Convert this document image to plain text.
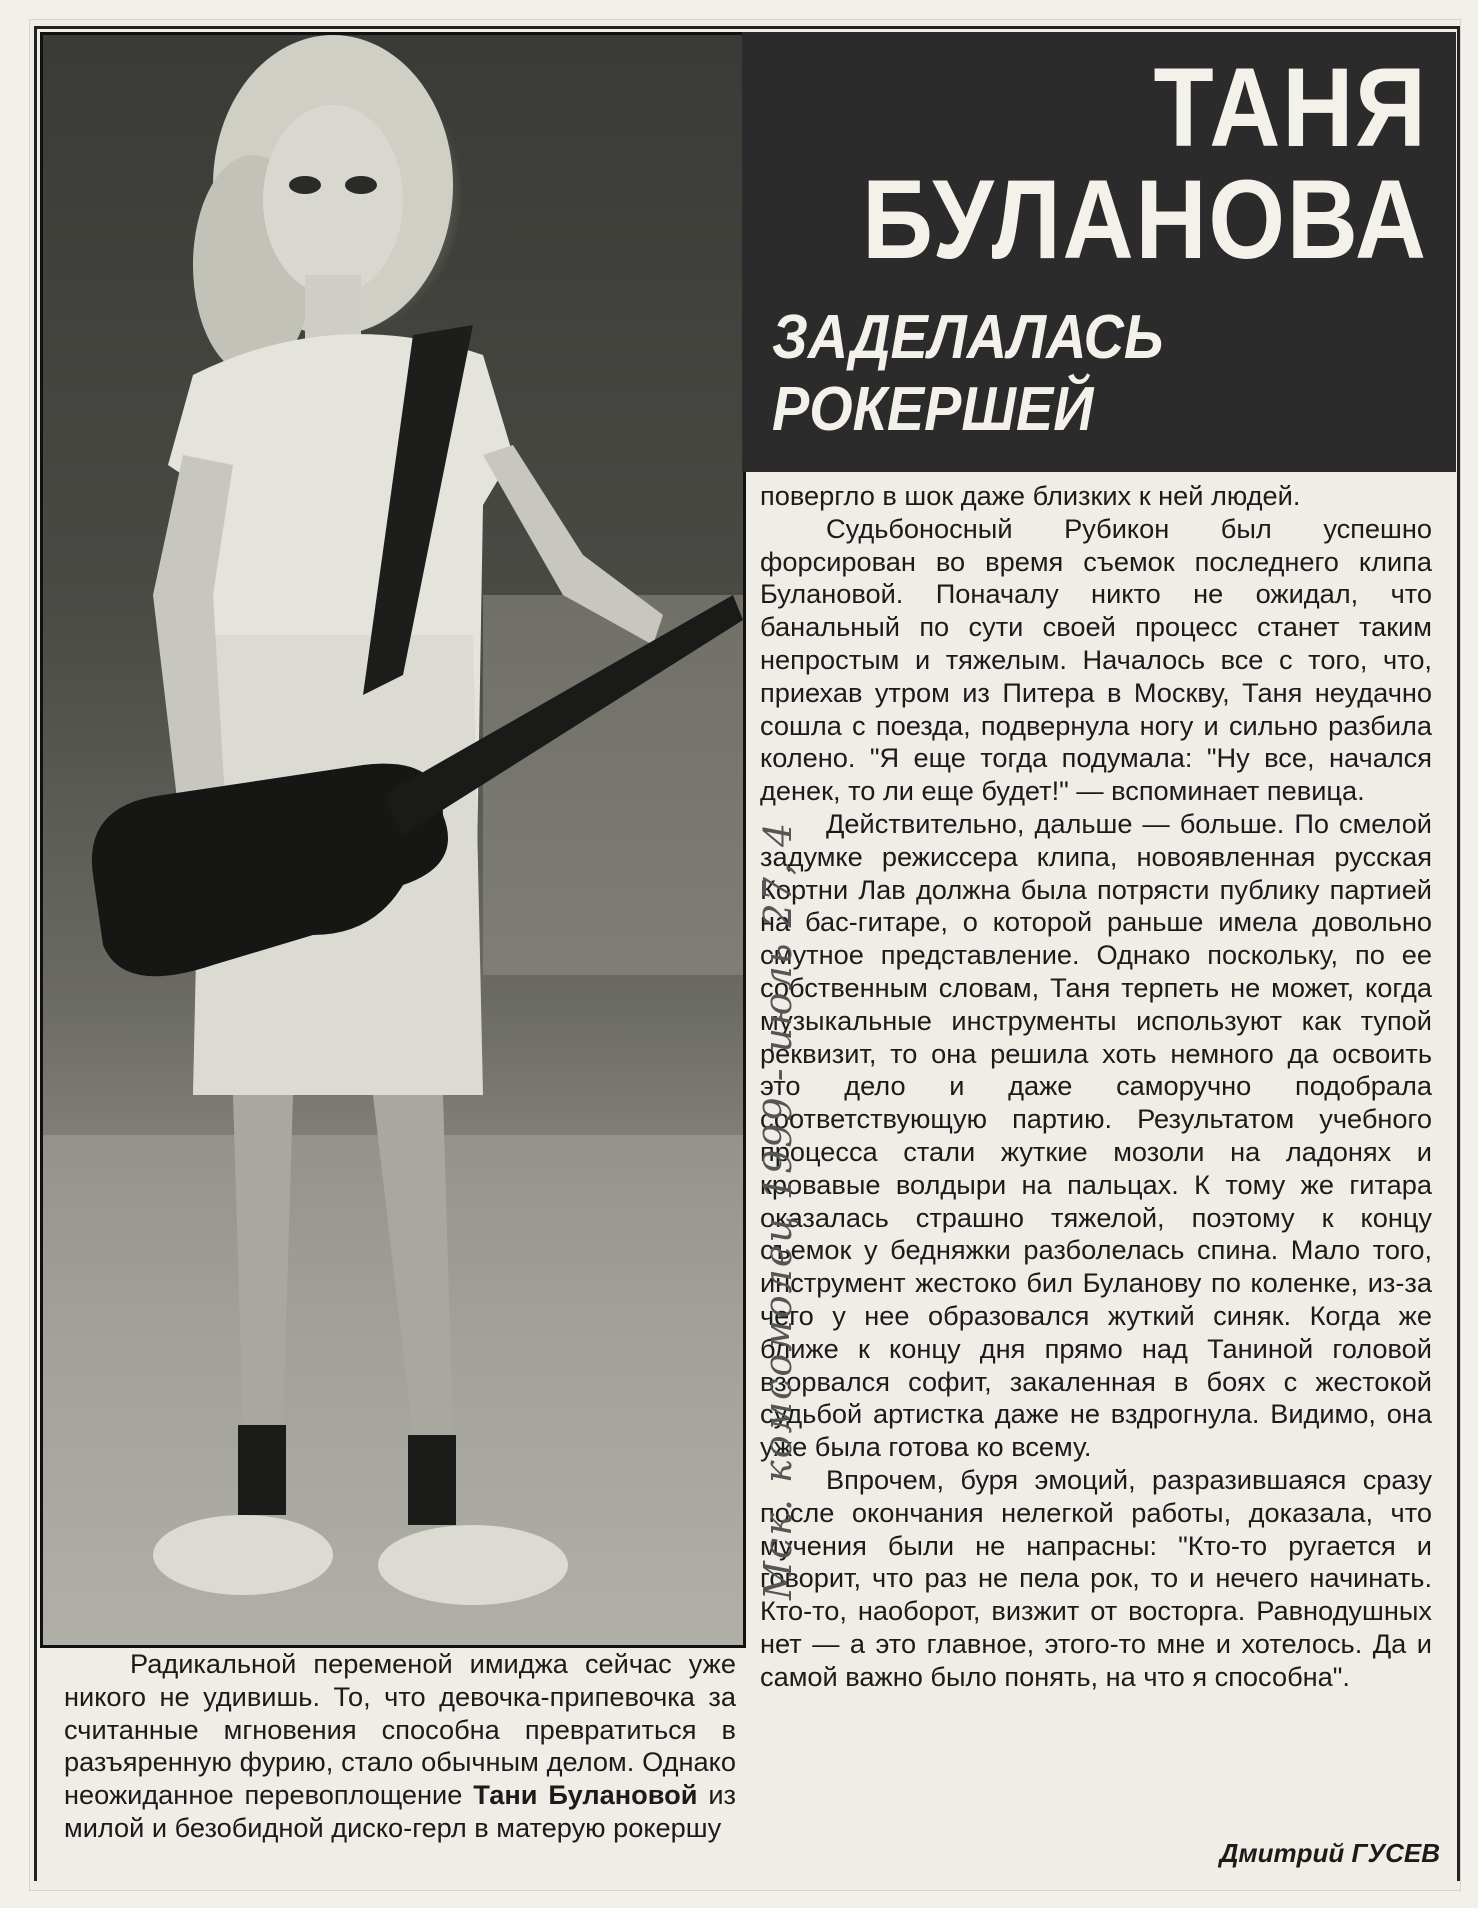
ТАНЯ
БУЛАНОВА
ЗАДЕЛАЛАСЬ
РОКЕРШЕЙ

повергло в шок даже близких к ней людей.

Судьбоносный Рубикон был успешно форсирован во время съемок последнего клипа Булановой. Поначалу никто не ожидал, что банальный по сути своей процесс станет таким непростым и тяжелым. Началось все с того, что, приехав утром из Питера в Москву, Таня неудачно сошла с поезда, подвернула ногу и сильно разбила колено. "Я еще тогда подумала: "Ну все, начался денек, то ли еще будет!" — вспоминает певица.

Действительно, дальше — больше. По смелой задумке режиссера клипа, новоявленная русская Кортни Лав должна была потрясти публику партией на бас-гитаре, о которой раньше имела довольно смутное представление. Однако поскольку, по ее собственным словам, Таня терпеть не может, когда музыкальные инструменты используют как тупой реквизит, то она решила хоть немного да освоить это дело и даже саморучно подобрала соответствующую партию. Результатом учебного процесса стали жуткие мозоли на ладонях и кровавые волдыри на пальцах. К тому же гитара оказалась страшно тяжелой, поэтому к концу съемок у бедняжки разболелась спина. Мало того, инструмент жестоко бил Буланову по коленке, из-за чего у нее образовался жуткий синяк. Когда же ближе к концу дня прямо над Таниной головой взорвался софит, закаленная в боях с жестокой судьбой артистка даже не вздрогнула. Видимо, она уже была готова ко всему.

Впрочем, буря эмоций, разразившаяся сразу после окончания нелегкой работы, доказала, что мучения были не напрасны: "Кто-то ругается и говорит, что раз не пела рок, то и нечего начинать. Кто-то, наоборот, визжит от восторга. Равнодушных нет — а это главное, этого-то мне и хотелось. Да и самой важно было понять, на что я способна".

Радикальной переменой имиджа сейчас уже никого не удивишь. То, что девочка-припевочка за считанные мгновения способна превратиться в разъяренную фурию, стало обычным делом. Однако неожиданное перевоплощение Тани Булановой из милой и безобидной диско-герл в матерую рокершу

Дмитрий ГУСЕВ
Мск. комсомолец 1999 - июль 27, 4
